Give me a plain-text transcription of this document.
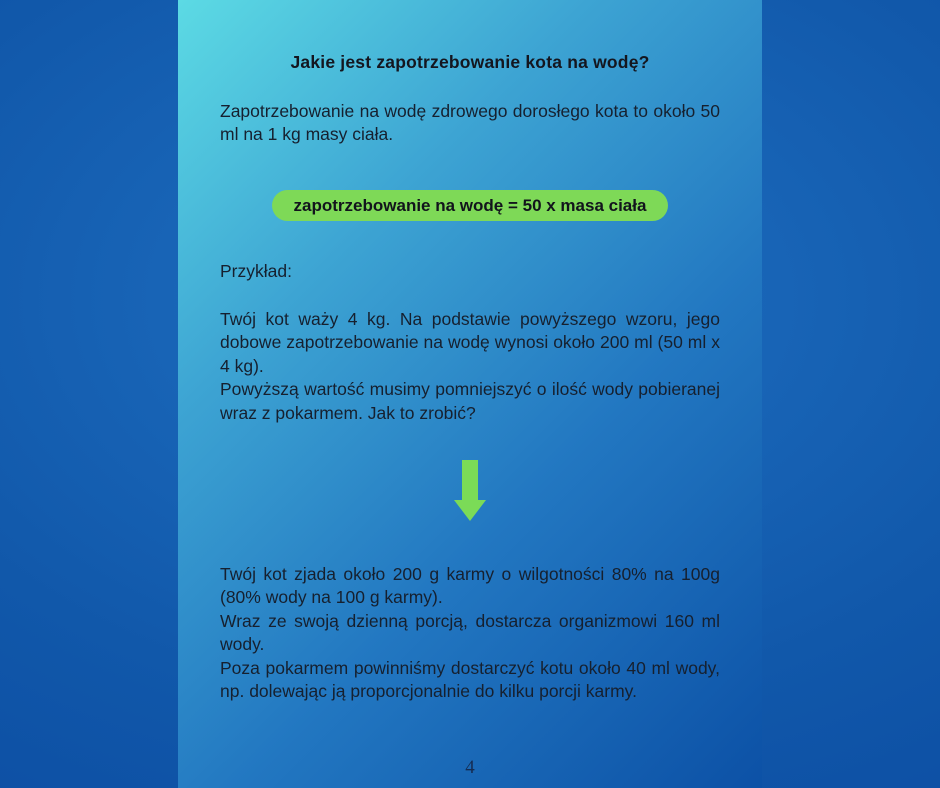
Jakie jest zapotrzebowanie kota na wodę?
Zapotrzebowanie na wodę zdrowego dorosłego kota to około 50 ml na 1 kg masy ciała.
zapotrzebowanie na wodę = 50 x masa ciała
Przykład:
Twój kot waży 4 kg. Na podstawie powyższego wzoru, jego dobowe zapotrzebowanie na wodę wynosi około 200 ml (50 ml x 4 kg).
Powyższą wartość musimy pomniejszyć o ilość wody pobieranej wraz z pokarmem. Jak to zrobić?
Twój kot zjada około 200 g karmy o wilgotności 80% na 100g (80% wody na 100 g karmy).
Wraz ze swoją dzienną porcją, dostarcza organizmowi 160 ml wody.
Poza pokarmem powinniśmy dostarczyć kotu około 40 ml wody, np. dolewając ją proporcjonalnie do kilku porcji karmy.
4
